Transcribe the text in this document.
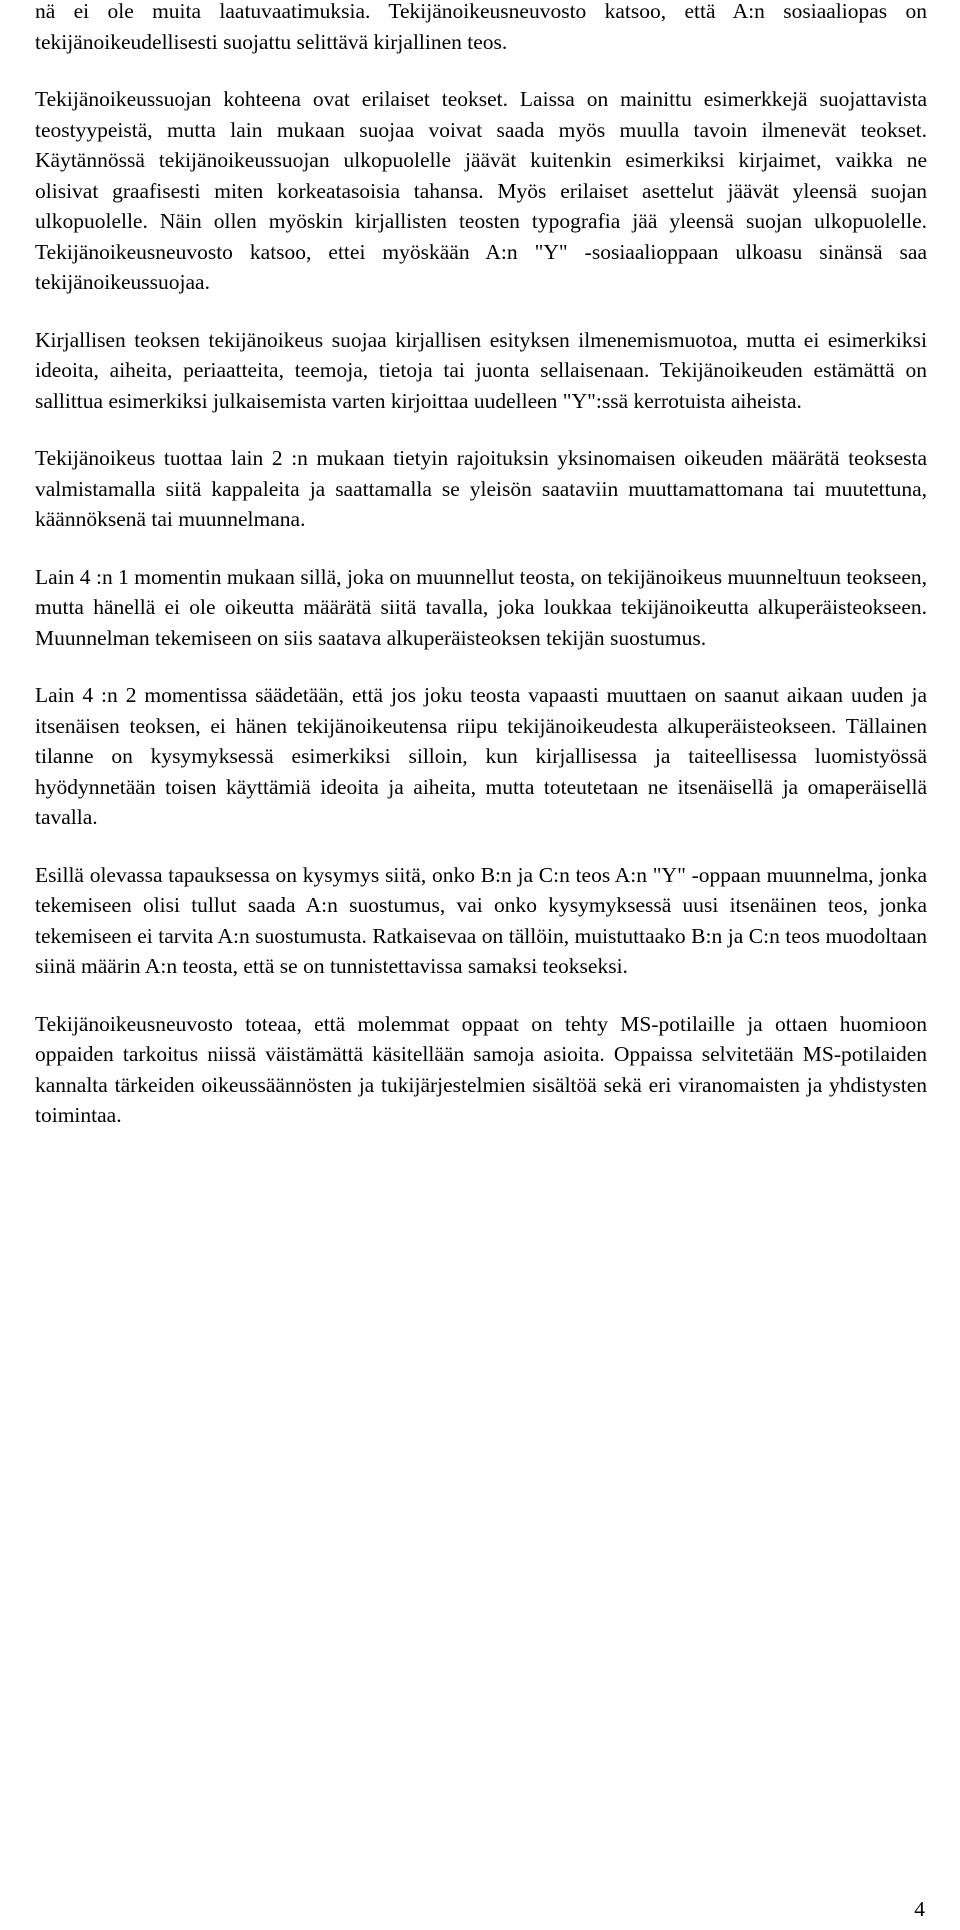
nä ei ole muita laatuvaatimuksia. Tekijänoikeusneuvosto katsoo, että A:n sosiaaliopas on tekijänoikeudellisesti suojattu selittävä kirjallinen teos.

Tekijänoikeussuojan kohteena ovat erilaiset teokset. Laissa on mainittu esimerkkejä suojattavista teostyypeistä, mutta lain mukaan suojaa voivat saada myös muulla tavoin ilmenevät teokset. Käytännössä tekijänoikeussuojan ulkopuolelle jäävät kuitenkin esimerkiksi kirjaimet, vaikka ne olisivat graafisesti miten korkeatasoisia tahansa. Myös erilaiset asettelut jäävät yleensä suojan ulkopuolelle. Näin ollen myöskin kirjallisten teosten typografia jää yleensä suojan ulkopuolelle. Tekijänoikeusneuvosto katsoo, ettei myöskään A:n "Y" -sosiaalioppaan ulkoasu sinänsä saa tekijänoikeussuojaa.

Kirjallisen teoksen tekijänoikeus suojaa kirjallisen esityksen ilmenemismuotoa, mutta ei esimerkiksi ideoita, aiheita, periaatteita, teemoja, tietoja tai juonta sellaisenaan. Tekijänoikeuden estämättä on sallittua esimerkiksi julkaisemista varten kirjoittaa uudelleen "Y":ssä kerrotuista aiheista.

Tekijänoikeus tuottaa lain 2 :n mukaan tietyin rajoituksin yksinomaisen oikeuden määrätä teoksesta valmistamalla siitä kappaleita ja saattamalla se yleisön saataviin muuttamattomana tai muutettuna, käännöksenä tai muunnelmana.

Lain 4 :n 1 momentin mukaan sillä, joka on muunnellut teosta, on tekijänoikeus muunneltuun teokseen, mutta hänellä ei ole oikeutta määrätä siitä tavalla, joka loukkaa tekijänoikeutta alkuperäisteokseen. Muunnelman tekemiseen on siis saatava alkuperäisteoksen tekijän suostumus.

Lain 4 :n 2 momentissa säädetään, että jos joku teosta vapaasti muuttaen on saanut aikaan uuden ja itsenäisen teoksen, ei hänen tekijänoikeutensa riipu tekijänoikeudesta alkuperäisteokseen. Tällainen tilanne on kysymyksessä esimerkiksi silloin, kun kirjallisessa ja taiteellisessa luomistyössä hyödynnetään toisen käyttämiä ideoita ja aiheita, mutta toteutetaan ne itsenäisellä ja omaperäisellä tavalla.

Esillä olevassa tapauksessa on kysymys siitä, onko B:n ja C:n teos A:n "Y" -oppaan muunnelma, jonka tekemiseen olisi tullut saada A:n suostumus, vai onko kysymyksessä uusi itsenäinen teos, jonka tekemiseen ei tarvita A:n suostumusta. Ratkaisevaa on tällöin, muistuttaako B:n ja C:n teos muodoltaan siinä määrin A:n teosta, että se on tunnistettavissa samaksi teokseksi.

Tekijänoikeusneuvosto toteaa, että molemmat oppaat on tehty MS-potilaille ja ottaen huomioon oppaiden tarkoitus niissä väistämättä käsitellään samoja asioita. Oppaissa selvitetään MS-potilaiden kannalta tärkeiden oikeussäännösten ja tukijärjestelmien sisältöä sekä eri viranomaisten ja yhdistysten toimintaa.

4
